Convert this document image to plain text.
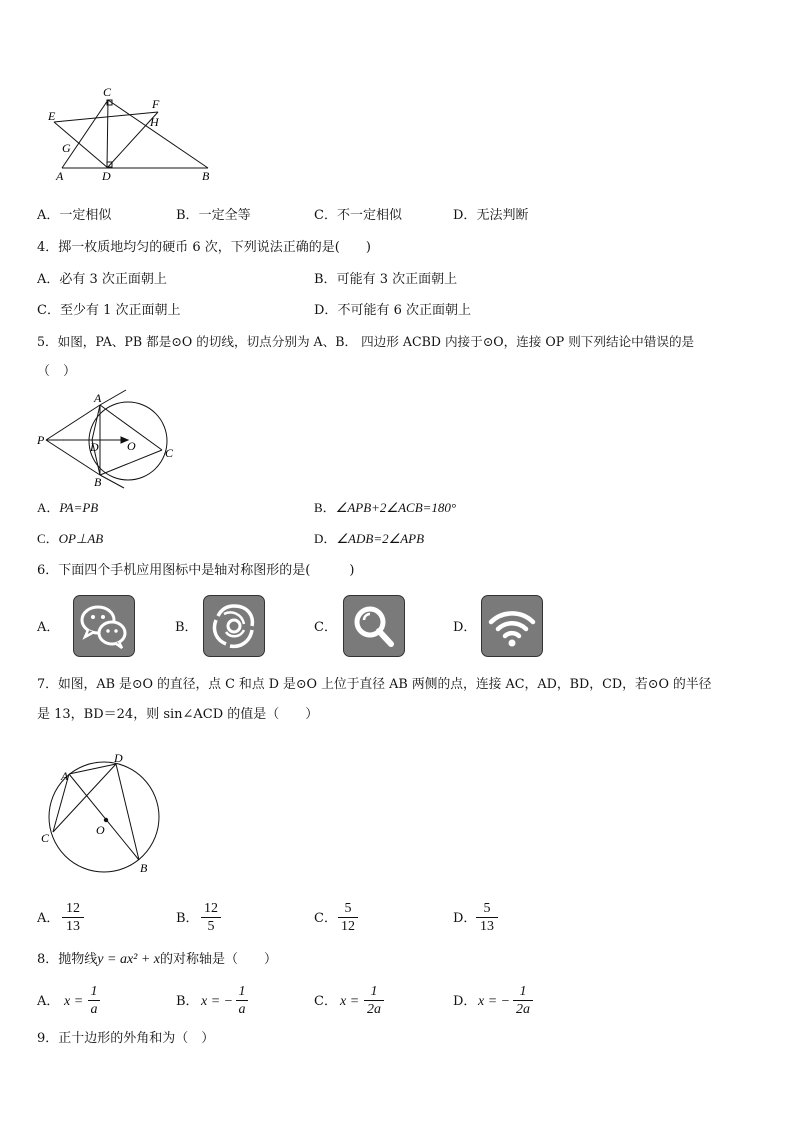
C
F
E	H
G
A	D	B
A．一定相似	B．一定全等	C．不一定相似	D．无法判断
4．掷一枚质地均匀的硬币 6 次，下列说法正确的是(　　)
A．必有 3 次正面朝上	B．可能有 3 次正面朝上
C．至少有 1 次正面朝上	D．不可能有 6 次正面朝上
5．如图，PA、PB 都是⊙O 的切线，切点分别为 A、B． 四边形 ACBD 内接于⊙O，连接 OP 则下列结论中错误的是
（　）
A
P	D O C
B
A．PA=PB	B．∠APB+2∠ACB=180°
C．OP⊥AB	D．∠ADB=2∠APB
6．下面四个手机应用图标中是轴对称图形的是(　　　)
A．	B．	C．	D．
7．如图，AB 是⊙O 的直径，点 C 和点 D 是⊙O 上位于直径 AB 两侧的点，连接 AC，AD，BD，CD，若⊙O 的半径
是 13，BD＝24，则 sin∠ACD 的值是（　　）
A
D
C
O
B
A．
12
13
B．
12
5
C．
5
12
D．
5
13
8．抛物线y = ax² + x的对称轴是（　　）
A． x =
1
a
B． x = −
1
a
C． x =
1
2a
D． x = −
1
2a
9．正十边形的外角和为（　）
